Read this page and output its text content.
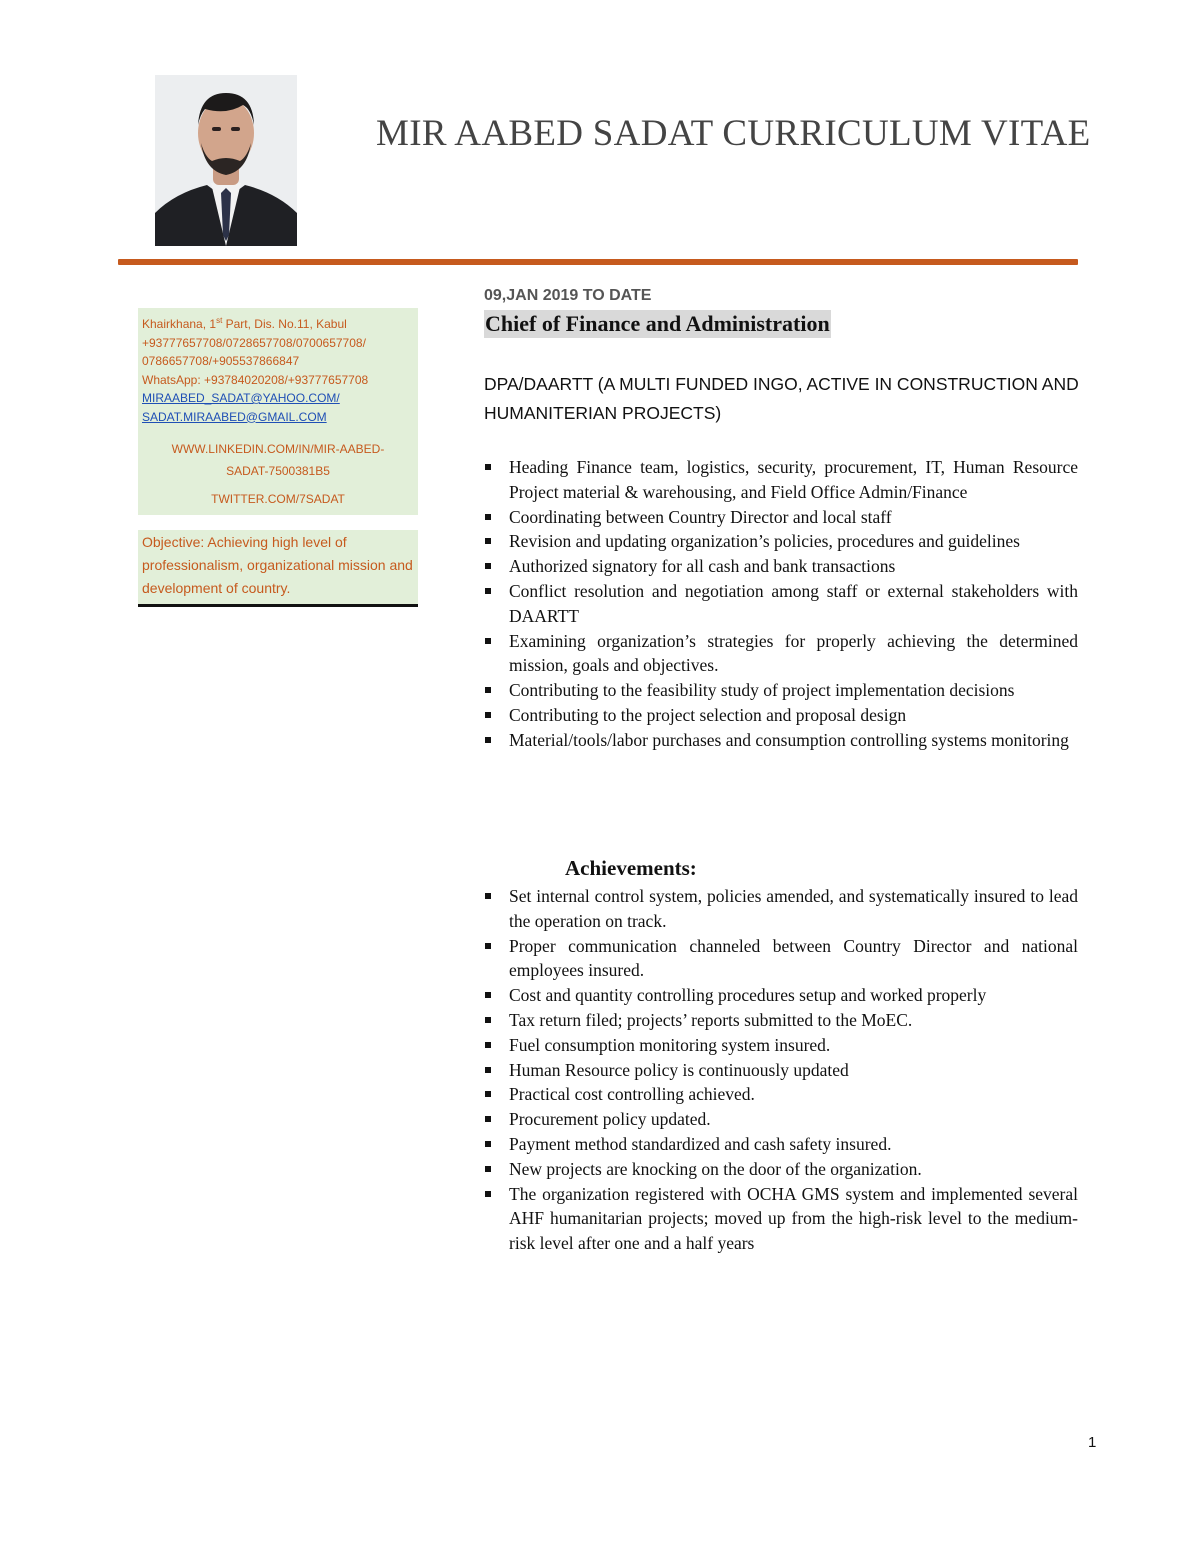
MIR AABED SADAT CURRICULUM VITAE
Khairkhana, 1st Part, Dis. No.11, Kabul
+93777657708/0728657708/0700657708/
0786657708/+905537866847
WhatsApp: +93784020208/+93777657708
MIRAABED_SADAT@YAHOO.COM/
SADAT.MIRAABED@GMAIL.COM
WWW.LINKEDIN.COM/IN/MIR-AABED-
SADAT-7500381B5
TWITTER.COM/7SADAT
Objective: Achieving high level of professionalism, organizational mission and development of country.
09,JAN 2019 TO DATE
Chief of Finance and Administration
DPA/DAARTT (A MULTI FUNDED INGO, ACTIVE IN CONSTRUCTION AND HUMANITERIAN PROJECTS)
Heading Finance team, logistics, security, procurement, IT, Human Resource Project material & warehousing, and Field Office Admin/Finance
Coordinating between Country Director and local staff
Revision and updating organization’s policies, procedures and guidelines
Authorized signatory for all cash and bank transactions
Conflict resolution and negotiation among staff or external stakeholders with DAARTT
Examining organization’s strategies for properly achieving the determined mission, goals and objectives.
Contributing to the feasibility study of project implementation decisions
Contributing to the project selection and proposal design
Material/tools/labor purchases and consumption controlling systems monitoring
Achievements:
Set internal control system, policies amended, and systematically insured to lead the operation on track.
Proper communication channeled between Country Director and national employees insured.
Cost and quantity controlling procedures setup and worked properly
Tax return filed; projects’ reports submitted to the MoEC.
Fuel consumption monitoring system insured.
Human Resource policy is continuously updated
Practical cost controlling achieved.
Procurement policy updated.
Payment method standardized and cash safety insured.
New projects are knocking on the door of the organization.
The organization registered with OCHA GMS system and implemented several AHF humanitarian projects; moved up from the high-risk level to the medium-risk level after one and a half years
1
